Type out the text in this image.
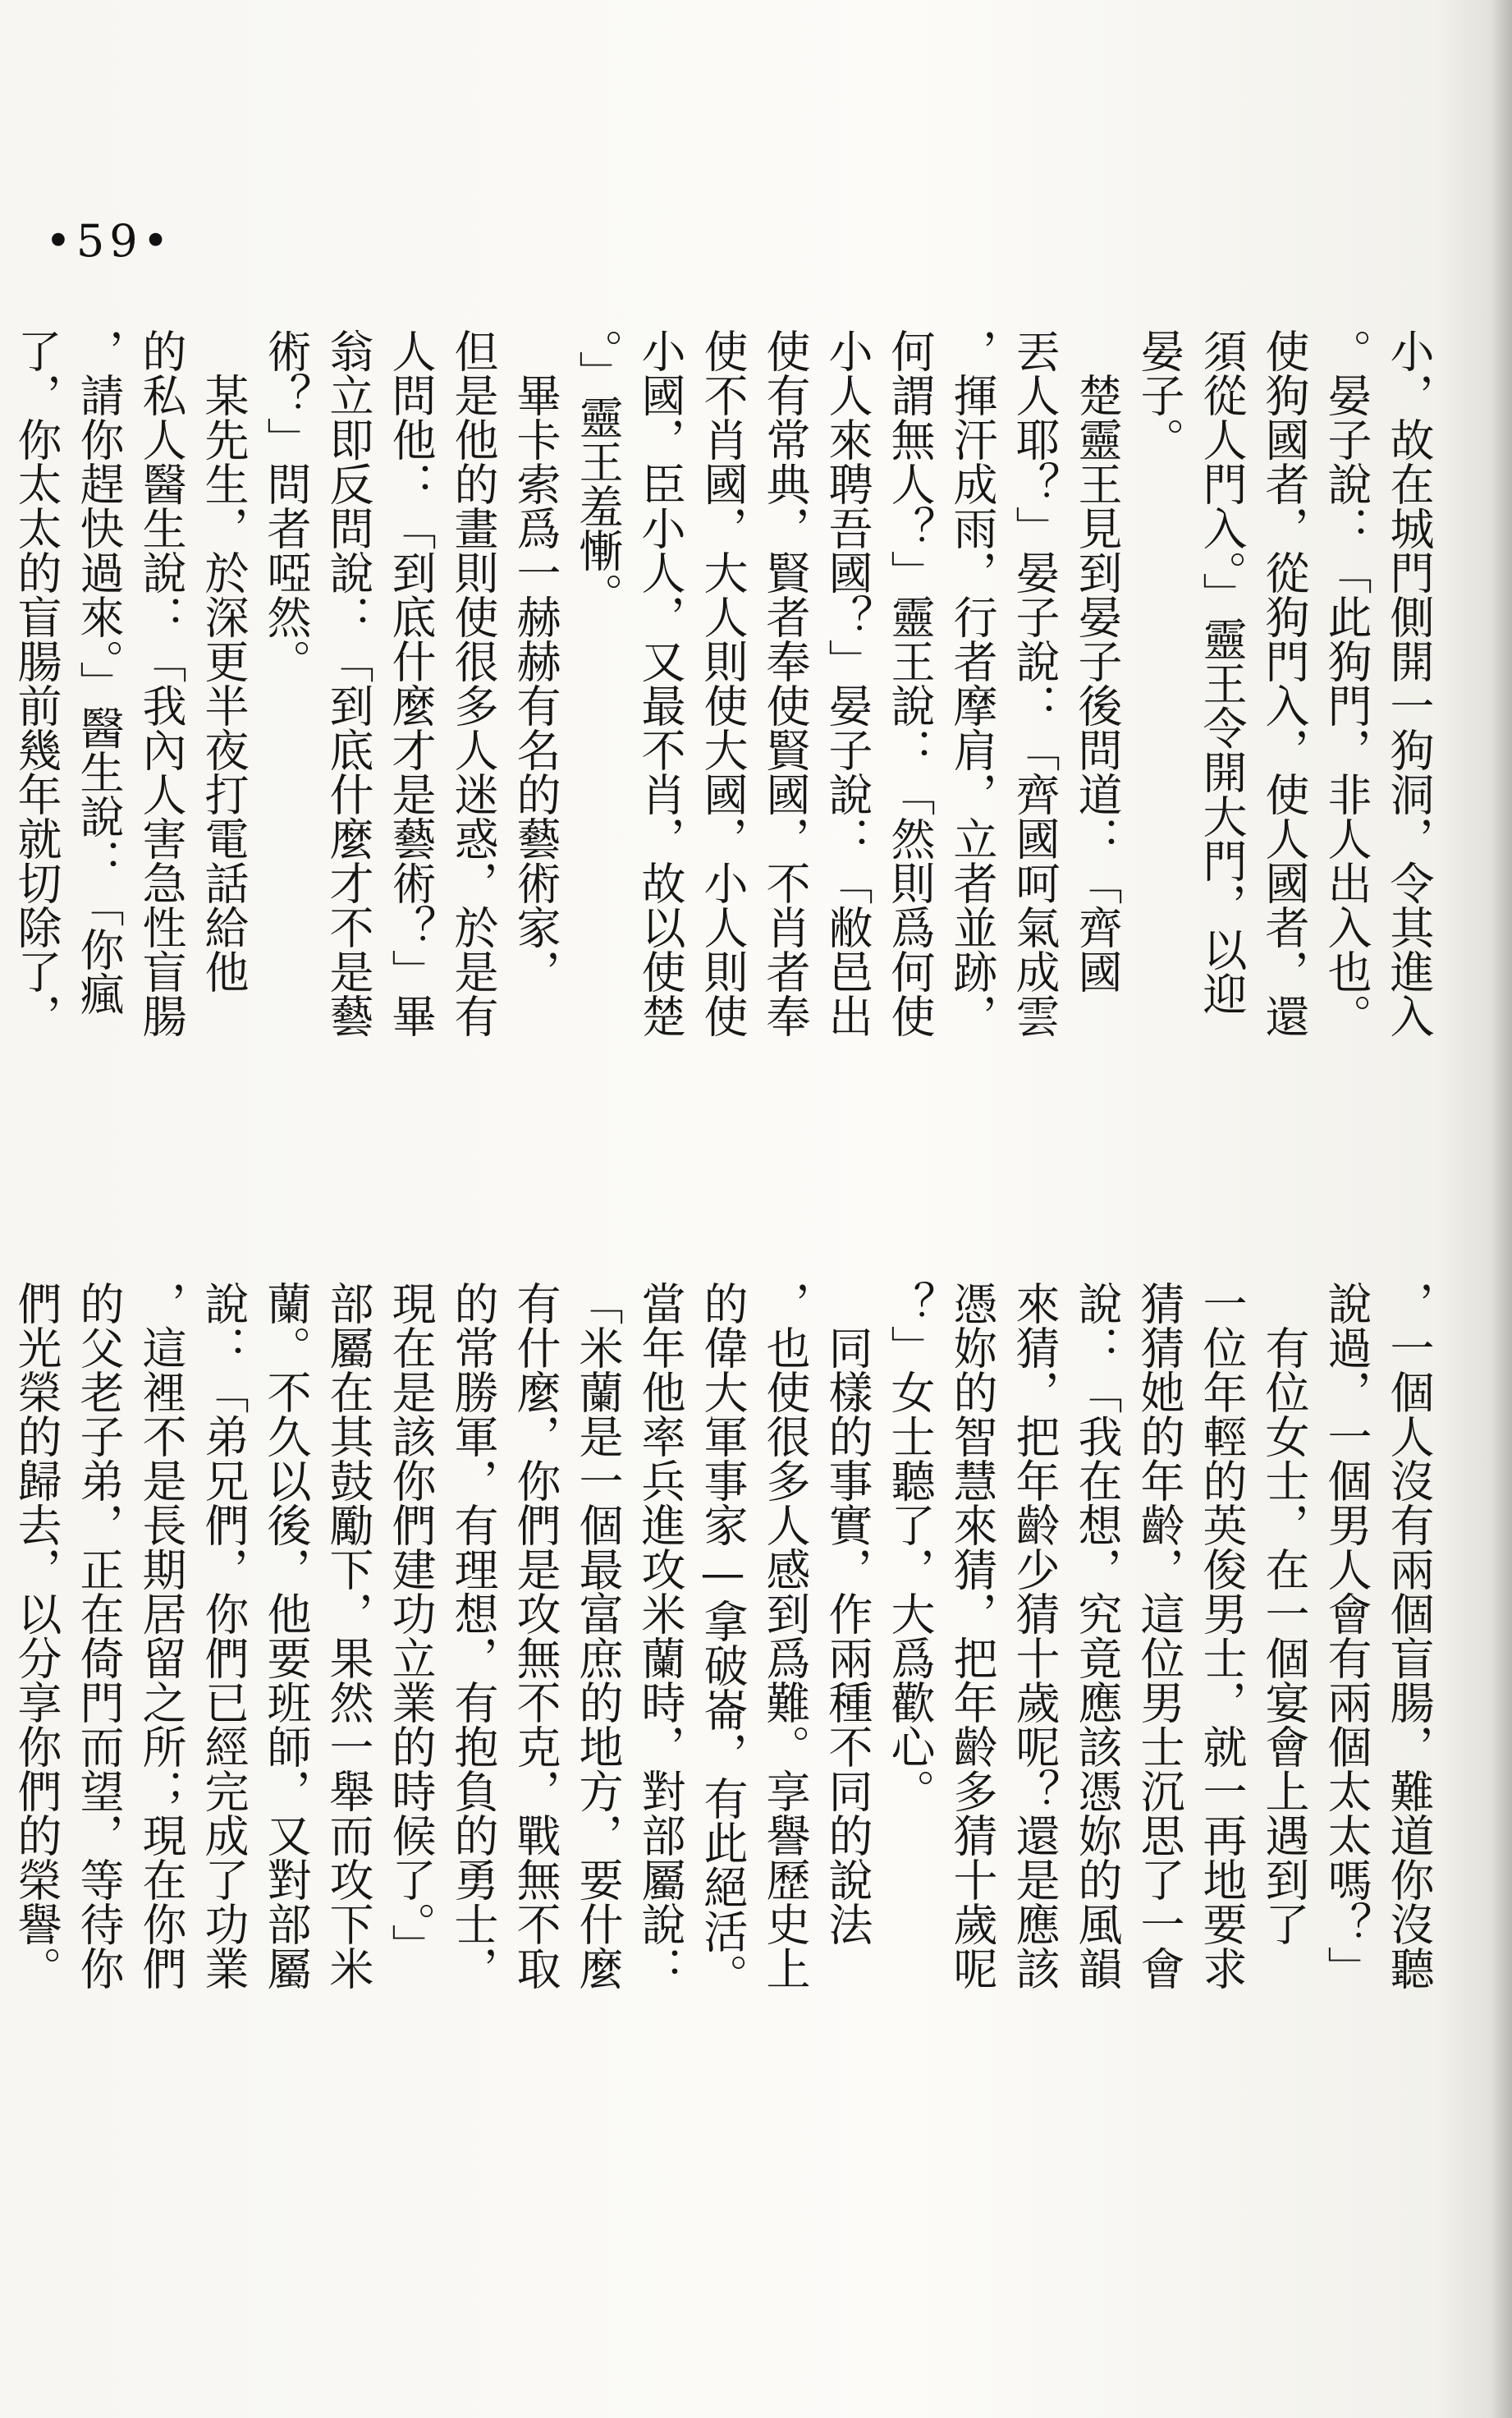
•59•
小，故在城門側開一狗洞，令其進入
。晏子說：「此狗門，非人出入也。
使狗國者，從狗門入，使人國者，還
須從人門入。」靈王令開大門，以迎
晏子。
　楚靈王見到晏子後問道：「齊國
丟人耶？」晏子說：「齊國呵氣成雲
，揮汗成雨，行者摩肩，立者並跡，
何謂無人？」靈王說：「然則爲何使
小人來聘吾國？」晏子說：「敝邑出
使有常典，賢者奉使賢國，不肖者奉
使不肖國，大人則使大國，小人則使
小國，臣小人，又最不肖，故以使楚
。」靈王羞慚。
　畢卡索爲一赫赫有名的藝術家，
但是他的畫則使很多人迷惑，於是有
人問他：「到底什麼才是藝術？」畢
翁立即反問說：「到底什麼才不是藝
術？」問者啞然。
　某先生，於深更半夜打電話給他
的私人醫生說：「我內人害急性盲腸
，請你趕快過來。」醫生說：「你瘋
了，你太太的盲腸前幾年就切除了，
，一個人沒有兩個盲腸，難道你沒聽
說過，一個男人會有兩個太太嗎？」
　有位女士，在一個宴會上遇到了
一位年輕的英俊男士，就一再地要求
猜猜她的年齡，這位男士沉思了一會
說：「我在想，究竟應該憑妳的風韻
來猜，把年齡少猜十歲呢？還是應該
憑妳的智慧來猜，把年齡多猜十歲呢
？」女士聽了，大爲歡心。
　同樣的事實，作兩種不同的說法
，也使很多人感到爲難。享譽歷史上
的偉大軍事家—拿破崙，有此絕活。
當年他率兵進攻米蘭時，對部屬說：
「米蘭是一個最富庶的地方，要什麼
有什麼，你們是攻無不克，戰無不取
的常勝軍，有理想，有抱負的勇士，
現在是該你們建功立業的時候了。」
部屬在其鼓勵下，果然一舉而攻下米
蘭。不久以後，他要班師，又對部屬
說：「弟兄們，你們已經完成了功業
，這裡不是長期居留之所；現在你們
的父老子弟，正在倚門而望，等待你
們光榮的歸去，以分享你們的榮譽。
